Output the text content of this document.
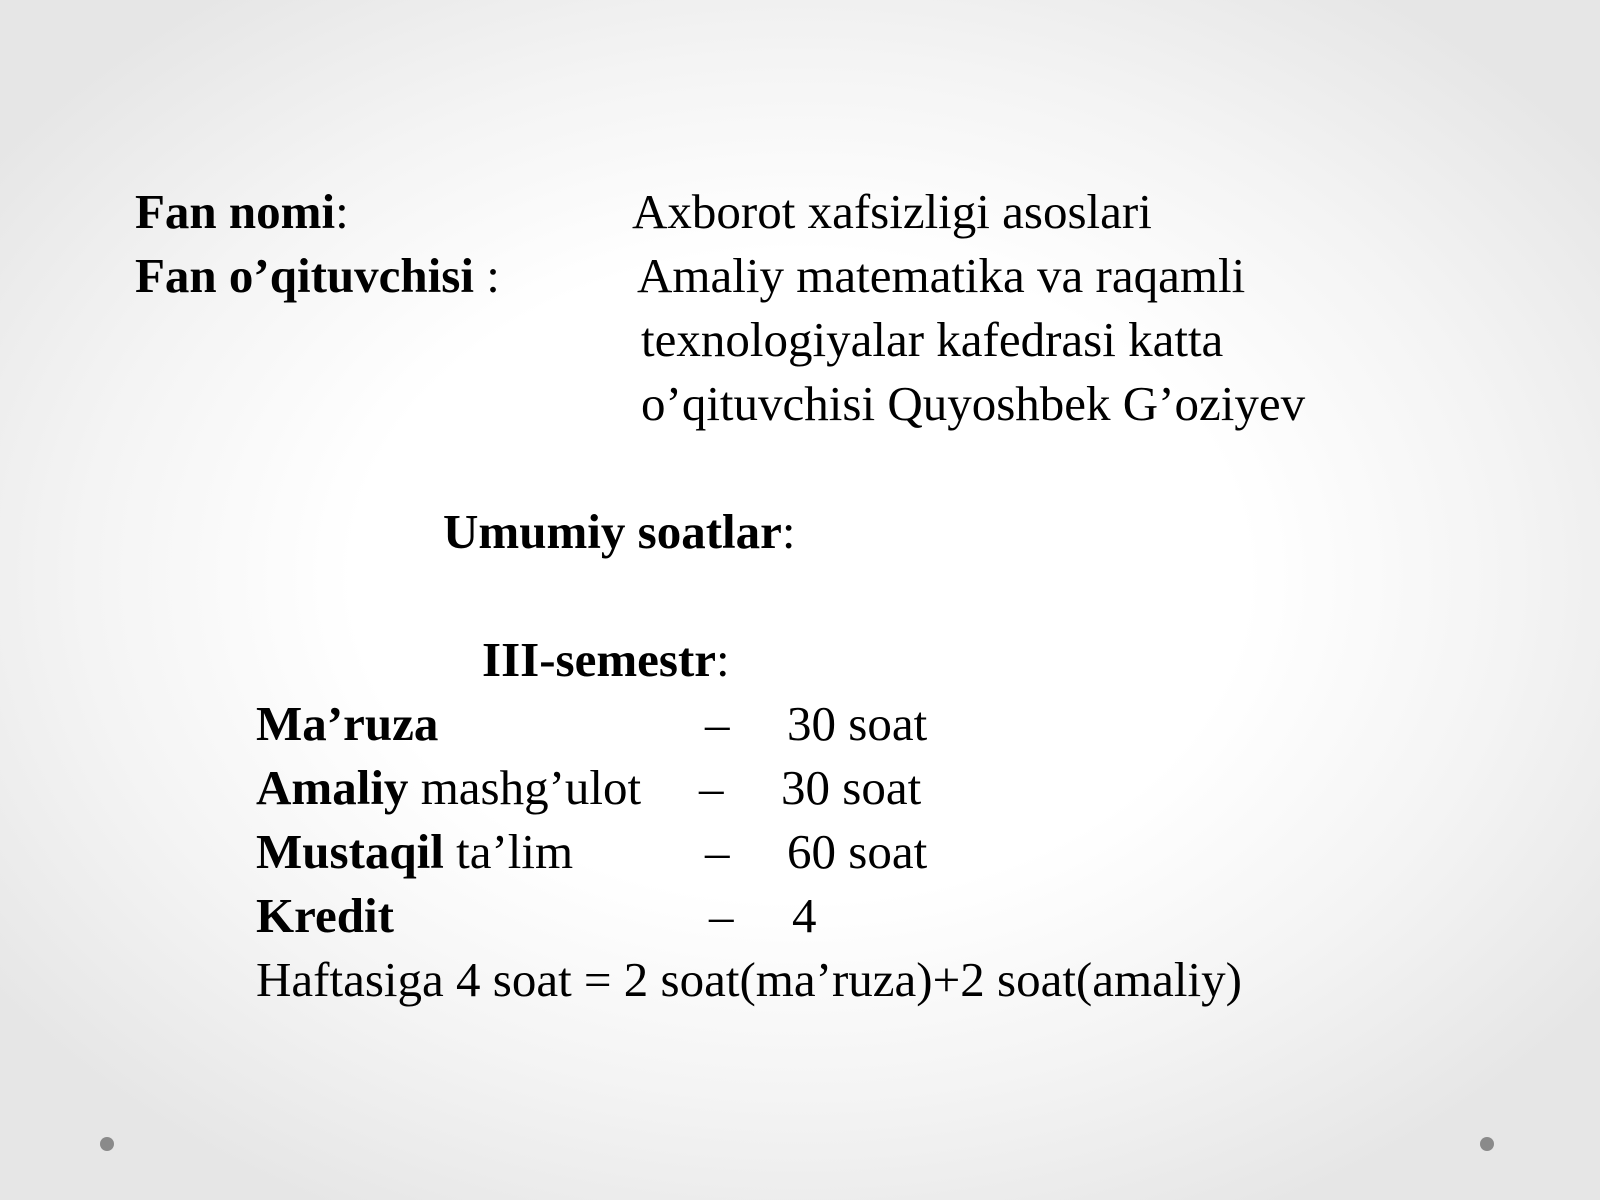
Fan nomi:	Axborot xafsizligi asoslari
Fan o’qituvchisi :	Amaliy matematika va raqamli
texnologiyalar kafedrasi katta
o’qituvchisi Quyoshbek G’oziyev
Umumiy soatlar:
III-semestr:
Ma’ruza	– 30 soat
Amaliy mashg’ulot – 30 soat
Mustaqil ta’lim	– 60 soat
Kredit	– 4
Haftasiga 4 soat = 2 soat(ma’ruza)+2 soat(amaliy)
